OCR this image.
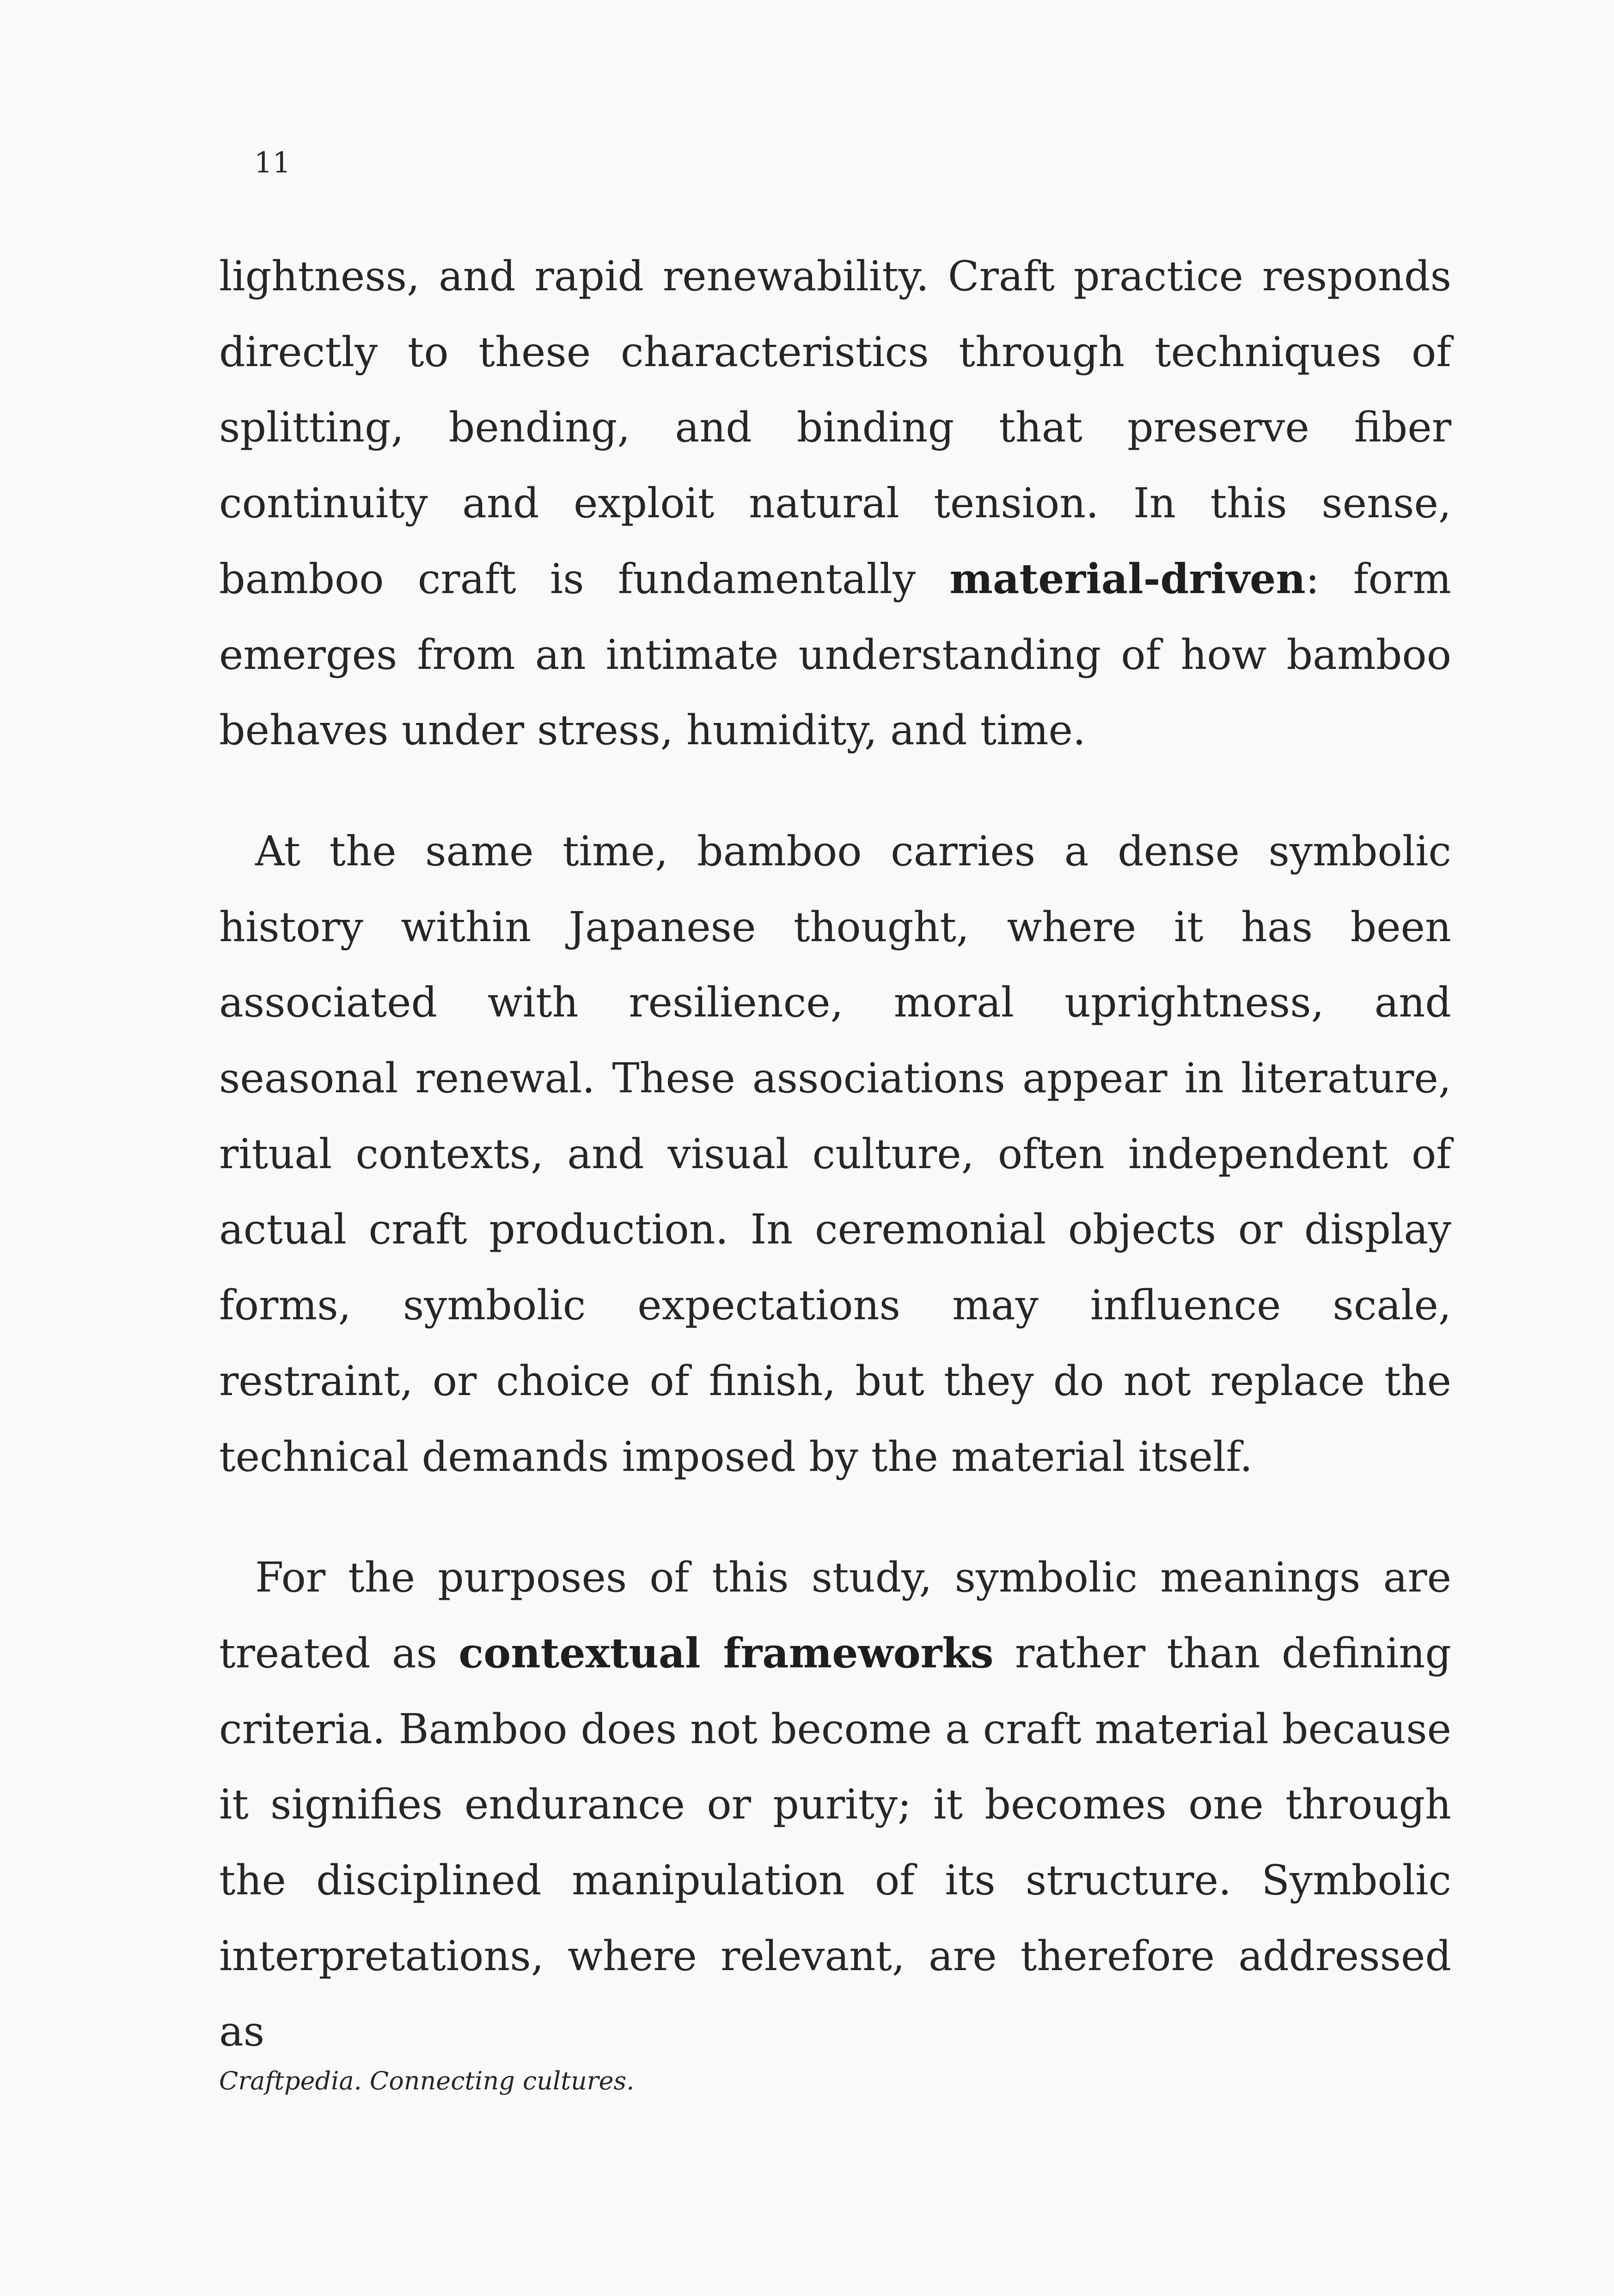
11

lightness, and rapid renewability. Craft practice responds directly to these characteristics through techniques of splitting, bending, and binding that preserve fiber continuity and exploit natural tension. In this sense, bamboo craft is fundamentally material-driven: form emerges from an intimate understanding of how bamboo behaves under stress, humidity, and time.

At the same time, bamboo carries a dense symbolic history within Japanese thought, where it has been associated with resilience, moral uprightness, and seasonal renewal. These associations appear in literature, ritual contexts, and visual culture, often independent of actual craft production. In ceremonial objects or display forms, symbolic expectations may influence scale, restraint, or choice of finish, but they do not replace the technical demands imposed by the material itself.

For the purposes of this study, symbolic meanings are treated as contextual frameworks rather than defining criteria. Bamboo does not become a craft material because it signifies endurance or purity; it becomes one through the disciplined manipulation of its structure. Symbolic interpretations, where relevant, are therefore addressed as

Craftpedia. Connecting cultures.
